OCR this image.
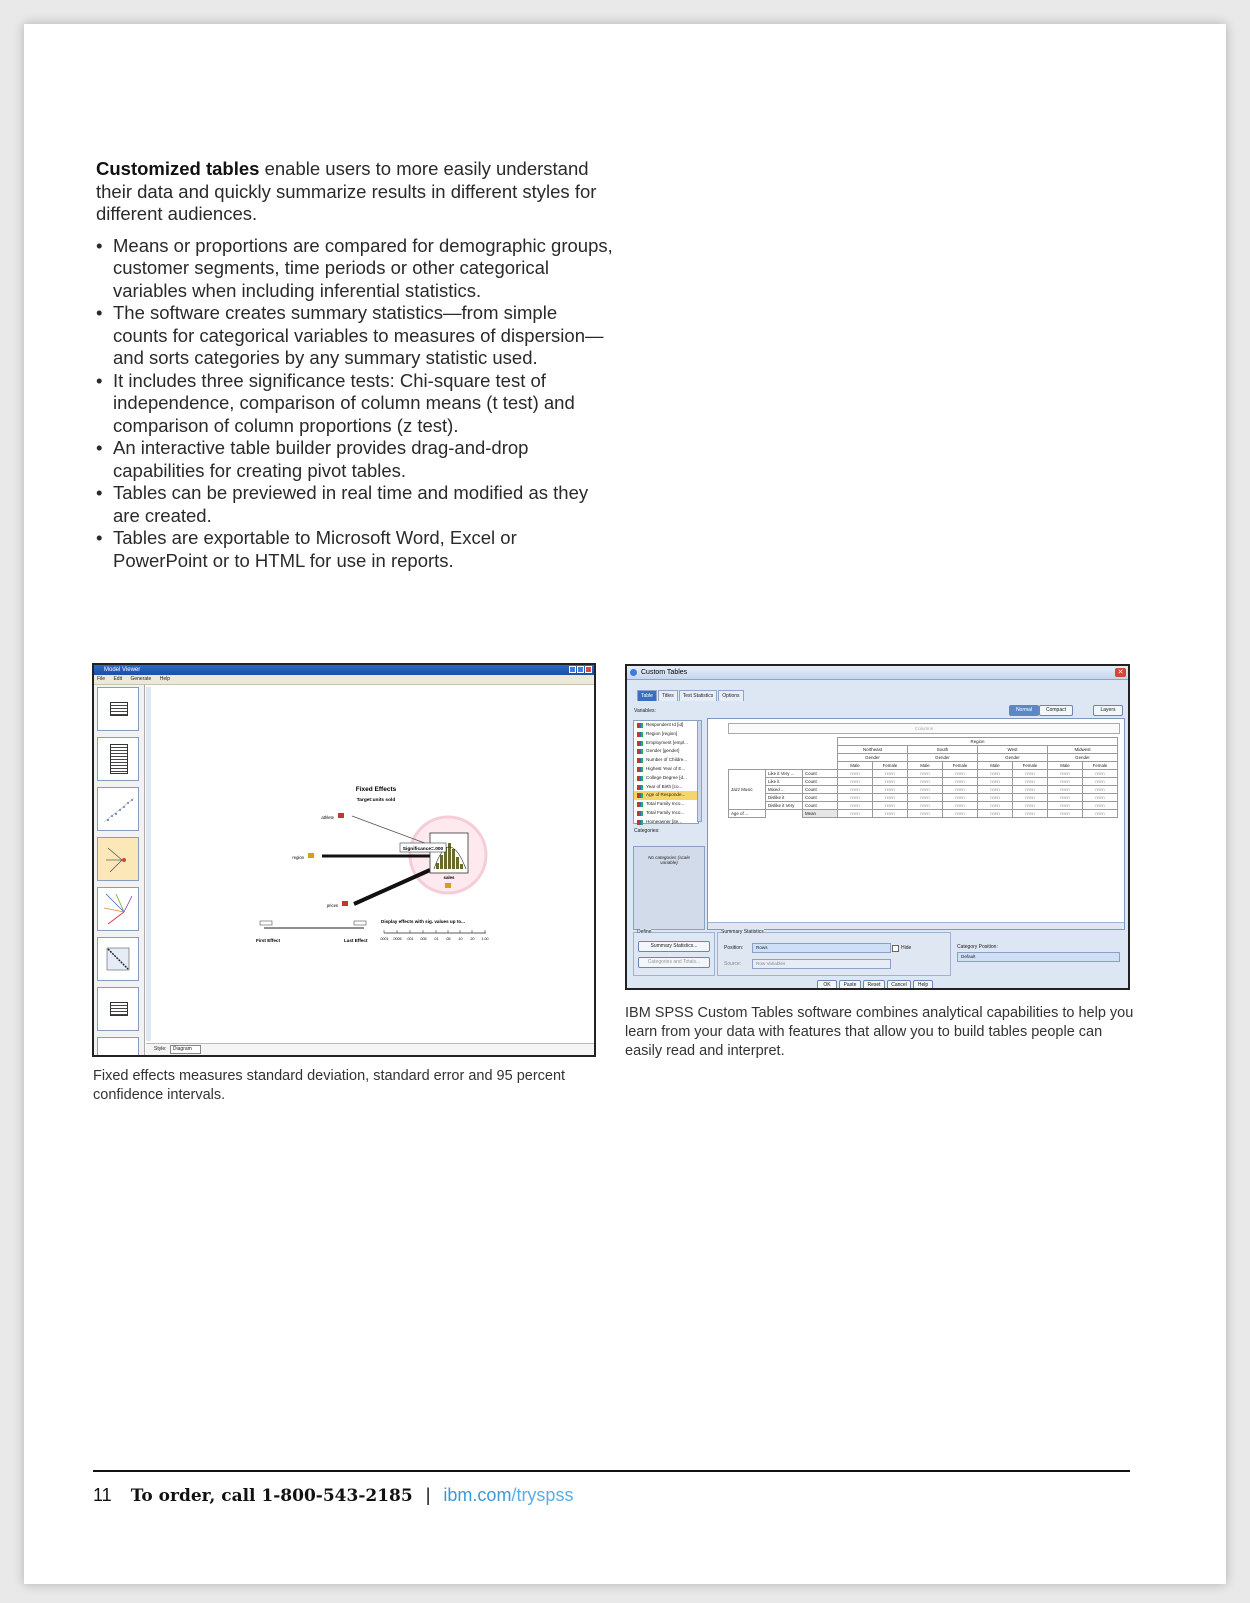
Customized tables enable users to more easily understand their data and quickly summarize results in different styles for different audiences.

• Means or proportions are compared for demographic groups, customer segments, time periods or other categorical variables when including inferential statistics.
• The software creates summary statistics—from simple counts for categorical variables to measures of dispersion—and sorts categories by any summary statistic used.
• It includes three significance tests: Chi-square test of independence, comparison of column means (t test) and comparison of column proportions (z test).
• An interactive table builder provides drag-and-drop capabilities for creating pivot tables.
• Tables can be previewed in real time and modified as they are created.
• Tables are exportable to Microsoft Word, Excel or PowerPoint or to HTML for use in reports.
Model Viewer
File Edit Generate Help
Fixed Effects
Target:units sold
athlete
region
prices
Significance=.000
sales
First Effect	Last Effect
Display effects with sig. values up to...
.0001 .0005 .001 .005 .01 .05 .10 .20 1.00
Style: Diagram
Fixed effects measures standard deviation, standard error and 95 percent confidence intervals.
Custom Tables	✕
Table	Titles	Test Statistics	Options
Variables:	Normal	Compact	Layers
Respondent Id [id]
Region [region]
Employment [empl...
Gender [gender]
Number of Childre...
Highest Year of E...
College Degree [d...
Year of Birth [co...
Age of Responde...
Total Family Inco...
Total Family Inco...
Homeowner [ite...
Categories:
No categories (scale variable)
Columns
			Region							
			Northeast		South		West		Midwest	
			Gender		Gender		Gender		Gender	
			Male	Female	Male	Female	Male	Female	Male	Female
Jazz Music	Like it Very ...	Count	nnnn	nnnn	nnnn	nnnn	nnnn	nnnn	nnnn	nnnn
	Like it	Count	nnnn	nnnn	nnnn	nnnn	nnnn	nnnn	nnnn	nnnn
	Mixed ...	Count	nnnn	nnnn	nnnn	nnnn	nnnn	nnnn	nnnn	nnnn
	Dislike it	Count	nnnn	nnnn	nnnn	nnnn	nnnn	nnnn	nnnn	nnnn
	Dislike it Very	Count	nnnn	nnnn	nnnn	nnnn	nnnn	nnnn	nnnn	nnnn
Age of ...		Mean	nnnn	nnnn	nnnn	nnnn	nnnn	nnnn	nnnn	nnnn
Define
Summary Statistics...
Categories and Totals...
Summary Statistics
Position:	Rows	Hide
Source:	Row Variables
Category Position:
Default
OK	Paste	Reset	Cancel	Help
IBM SPSS Custom Tables software combines analytical capabilities to help you learn from your data with features that allow you to build tables people can easily read and interpret.
11 To order, call 1-800-543-2185 | ibm.com/tryspss
